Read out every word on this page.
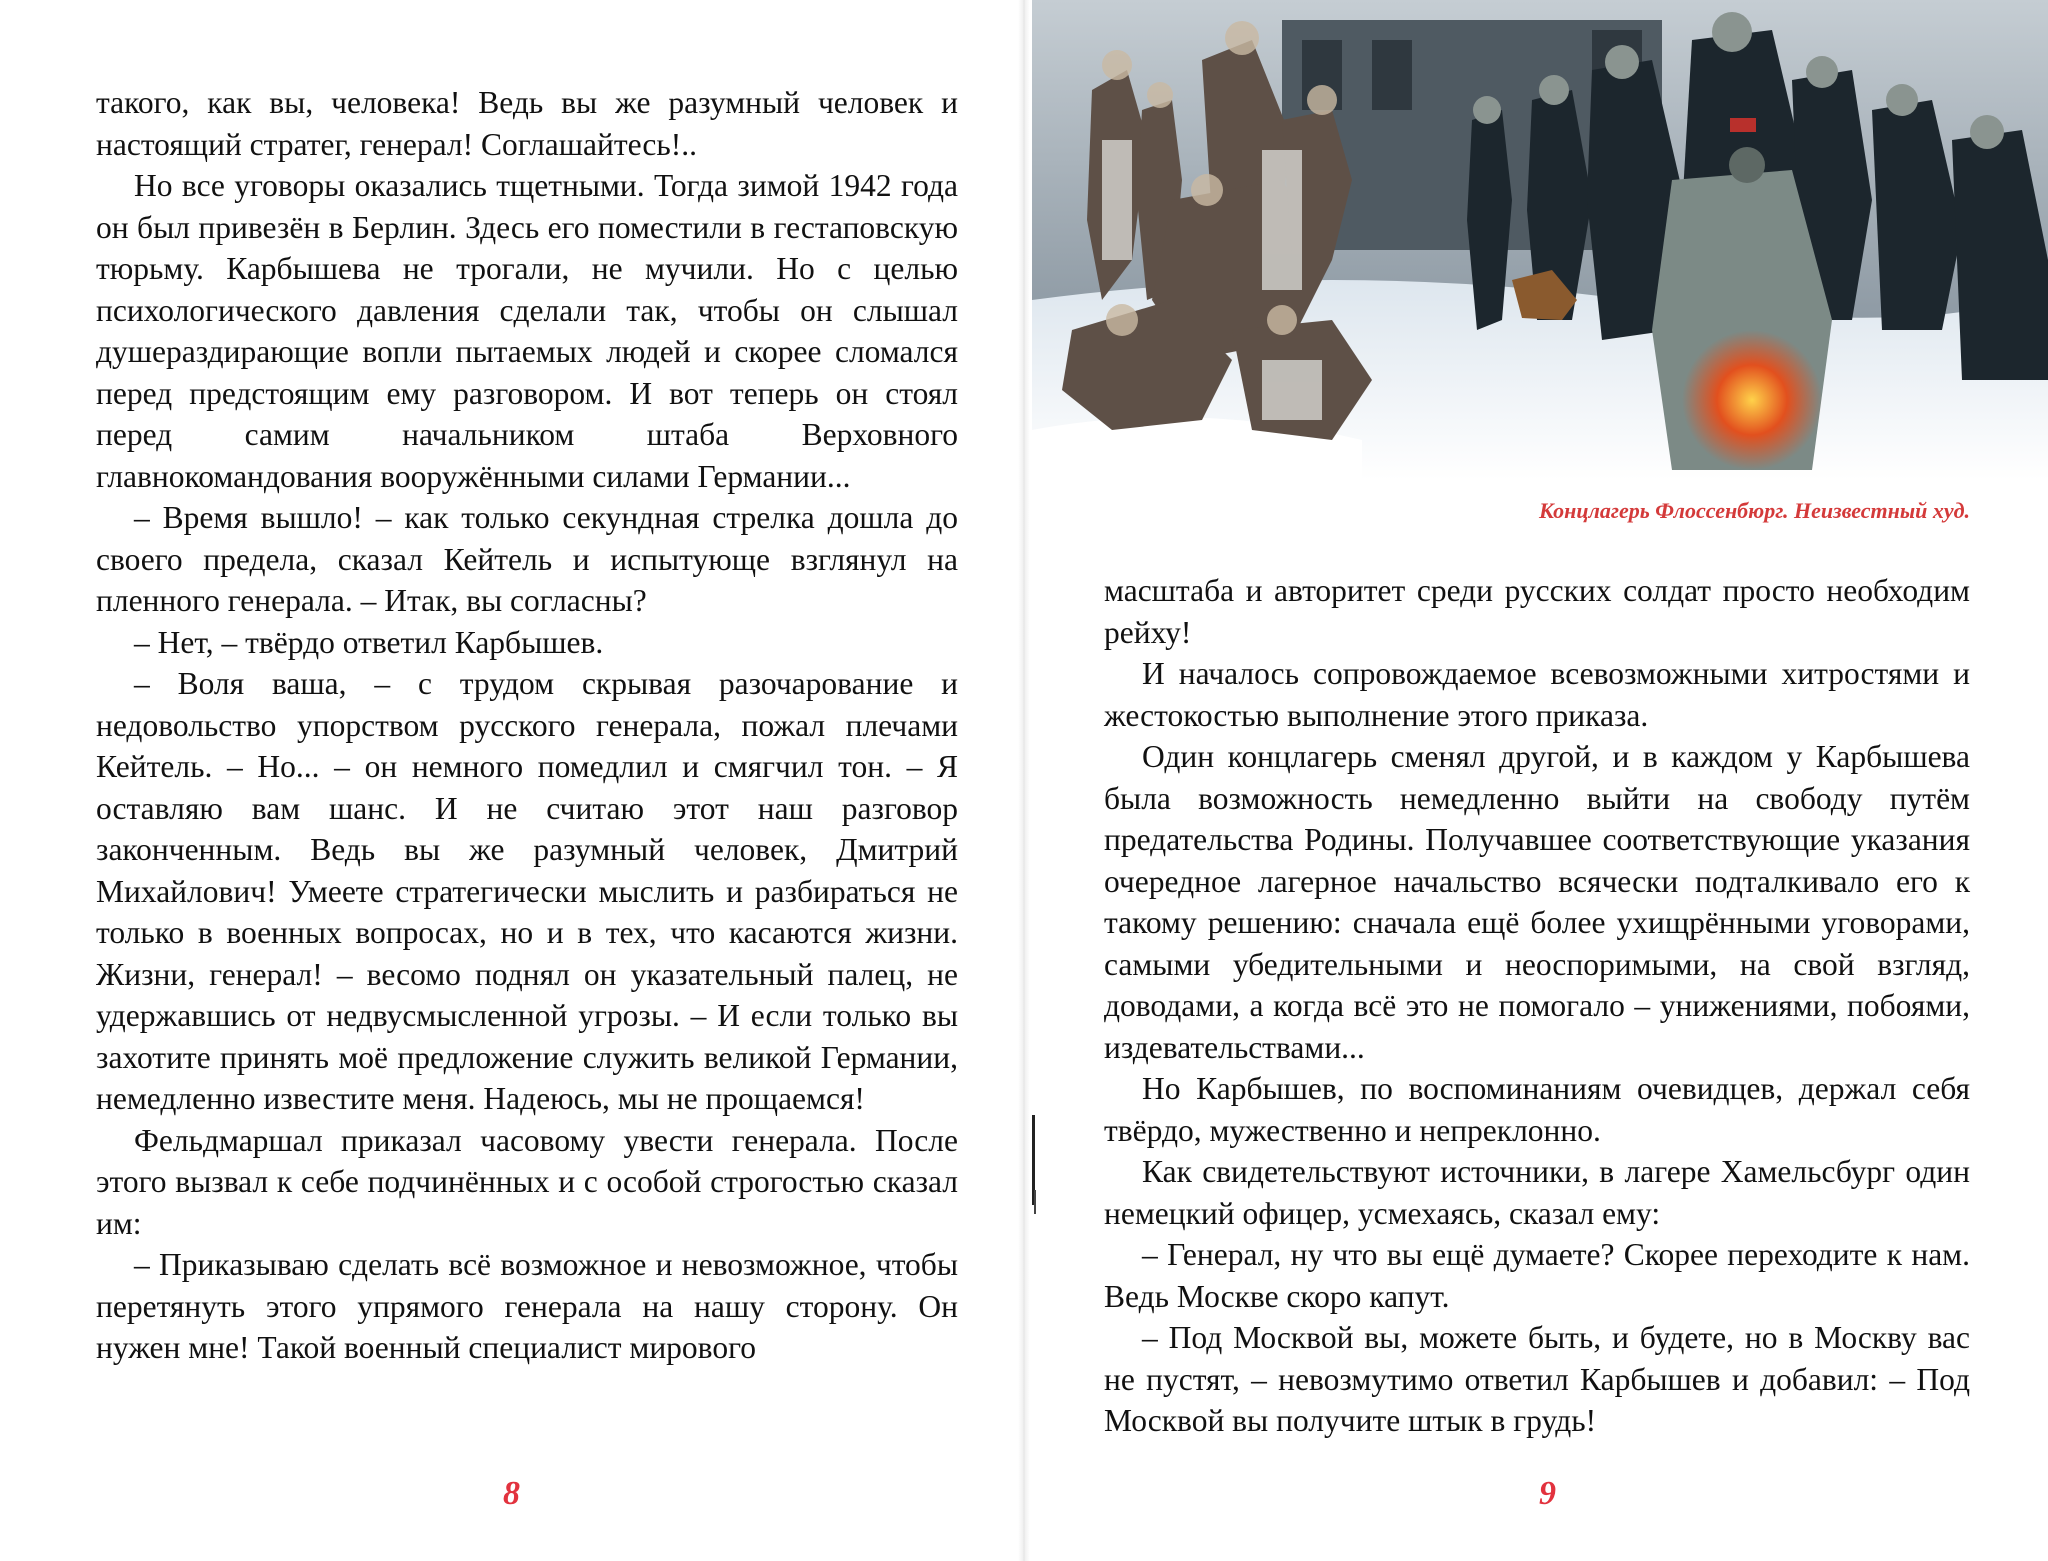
такого, как вы, человека! Ведь вы же разумный человек и настоящий стратег, генерал! Соглашайтесь!..

Но все уговоры оказались тщетными. Тогда зимой 1942 года он был привезён в Берлин. Здесь его поместили в гестаповскую тюрьму. Карбышева не трогали, не мучили. Но с целью психологического давления сделали так, чтобы он слышал душераздирающие вопли пытаемых людей и скорее сломался перед предстоящим ему разговором. И вот теперь он стоял перед самим начальником штаба Верховного главнокомандования вооружёнными силами Германии...

– Время вышло! – как только секундная стрелка дошла до своего предела, сказал Кейтель и испытующе взглянул на пленного генерала. – Итак, вы согласны?

– Нет, – твёрдо ответил Карбышев.

– Воля ваша, – с трудом скрывая разочарование и недовольство упорством русского генерала, пожал плечами Кейтель. – Но... – он немного помедлил и смягчил тон. – Я оставляю вам шанс. И не считаю этот наш разговор законченным. Ведь вы же разумный человек, Дмитрий Михайлович! Умеете стратегически мыслить и разбираться не только в военных вопросах, но и в тех, что касаются жизни. Жизни, генерал! – весомо поднял он указательный палец, не удержавшись от недвусмысленной угрозы. – И если только вы захотите принять моё предложение служить великой Германии, немедленно известите меня. Надеюсь, мы не прощаемся!

Фельдмаршал приказал часовому увести генерала. После этого вызвал к себе подчинённых и с особой строгостью сказал им:

– Приказываю сделать всё возможное и невозможное, чтобы перетянуть этого упрямого генерала на нашу сторону. Он нужен мне! Такой военный специалист мирового

8
Концлагерь Флоссенбюрг. Неизвестный худ.

масштаба и авторитет среди русских солдат просто необходим рейху!

И началось сопровождаемое всевозможными хитростями и жестокостью выполнение этого приказа.

Один концлагерь сменял другой, и в каждом у Карбышева была возможность немедленно выйти на свободу путём предательства Родины. Получавшее соответствующие указания очередное лагерное начальство всячески подталкивало его к такому решению: сначала ещё более ухищрёнными уговорами, самыми убедительными и неоспоримыми, на свой взгляд, доводами, а когда всё это не помогало – унижениями, побоями, издевательствами...

Но Карбышев, по воспоминаниям очевидцев, держал себя твёрдо, мужественно и непреклонно.

Как свидетельствуют источники, в лагере Хамельсбург один немецкий офицер, усмехаясь, сказал ему:

– Генерал, ну что вы ещё думаете? Скорее переходите к нам. Ведь Москве скоро капут.

– Под Москвой вы, можете быть, и будете, но в Москву вас не пустят, – невозмутимо ответил Карбышев и добавил: – Под Москвой вы получите штык в грудь!

9
